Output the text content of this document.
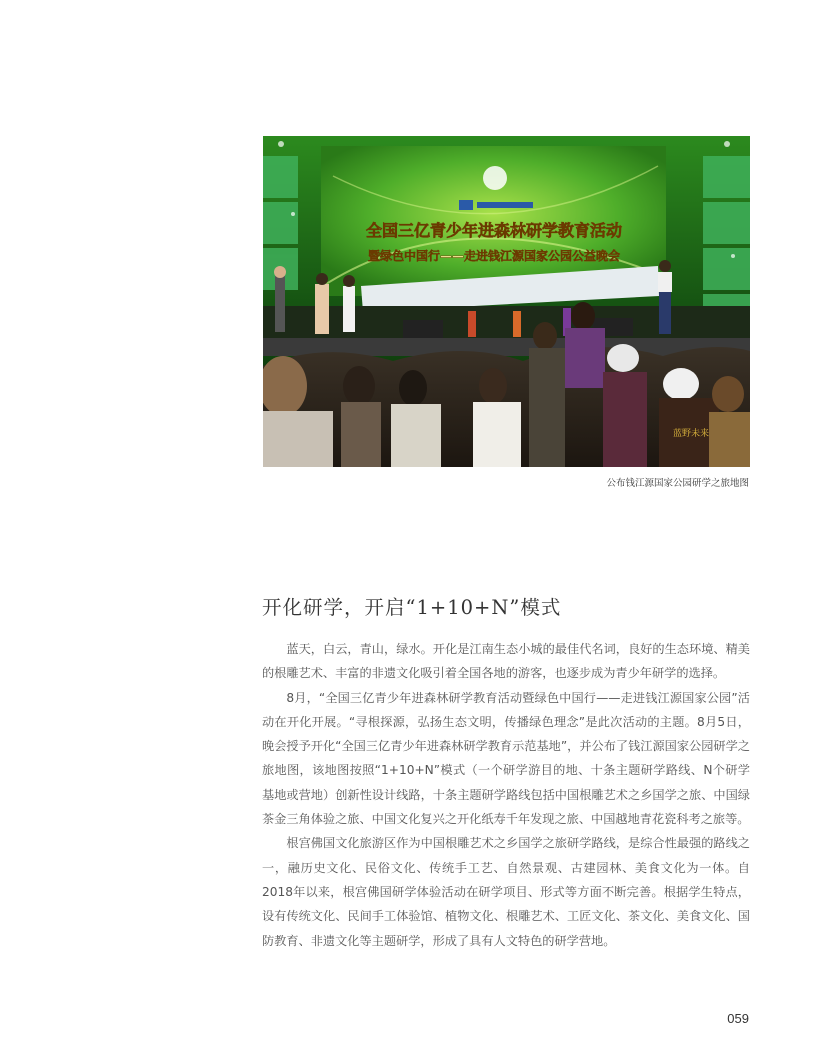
全国三亿青少年进森林研学教育活动
暨绿色中国行——走进钱江源国家公园公益晚会
蓝野未来
公布钱江源国家公园研学之旅地图
开化研学，开启“1+10+N”模式

蓝天，白云，青山，绿水。开化是江南生态小城的最佳代名词，良好的生态环境、精美的根雕艺术、丰富的非遗文化吸引着全国各地的游客，也逐步成为青少年研学的选择。

8月，“全国三亿青少年进森林研学教育活动暨绿色中国行——走进钱江源国家公园”活动在开化开展。“寻根探源，弘扬生态文明，传播绿色理念”是此次活动的主题。8月5日，晚会授予开化“全国三亿青少年进森林研学教育示范基地”，并公布了钱江源国家公园研学之旅地图，该地图按照“1+10+N”模式（一个研学游目的地、十条主题研学路线、N个研学基地或营地）创新性设计线路，十条主题研学路线包括中国根雕艺术之乡国学之旅、中国绿茶金三角体验之旅、中国文化复兴之开化纸寿千年发现之旅、中国越地青花瓷科考之旅等。

根宫佛国文化旅游区作为中国根雕艺术之乡国学之旅研学路线，是综合性最强的路线之一，融历史文化、民俗文化、传统手工艺、自然景观、古建园林、美食文化为一体。自2018年以来，根宫佛国研学体验活动在研学项目、形式等方面不断完善。根据学生特点，设有传统文化、民间手工体验馆、植物文化、根雕艺术、工匠文化、茶文化、美食文化、国防教育、非遗文化等主题研学，形成了具有人文特色的研学营地。

059
